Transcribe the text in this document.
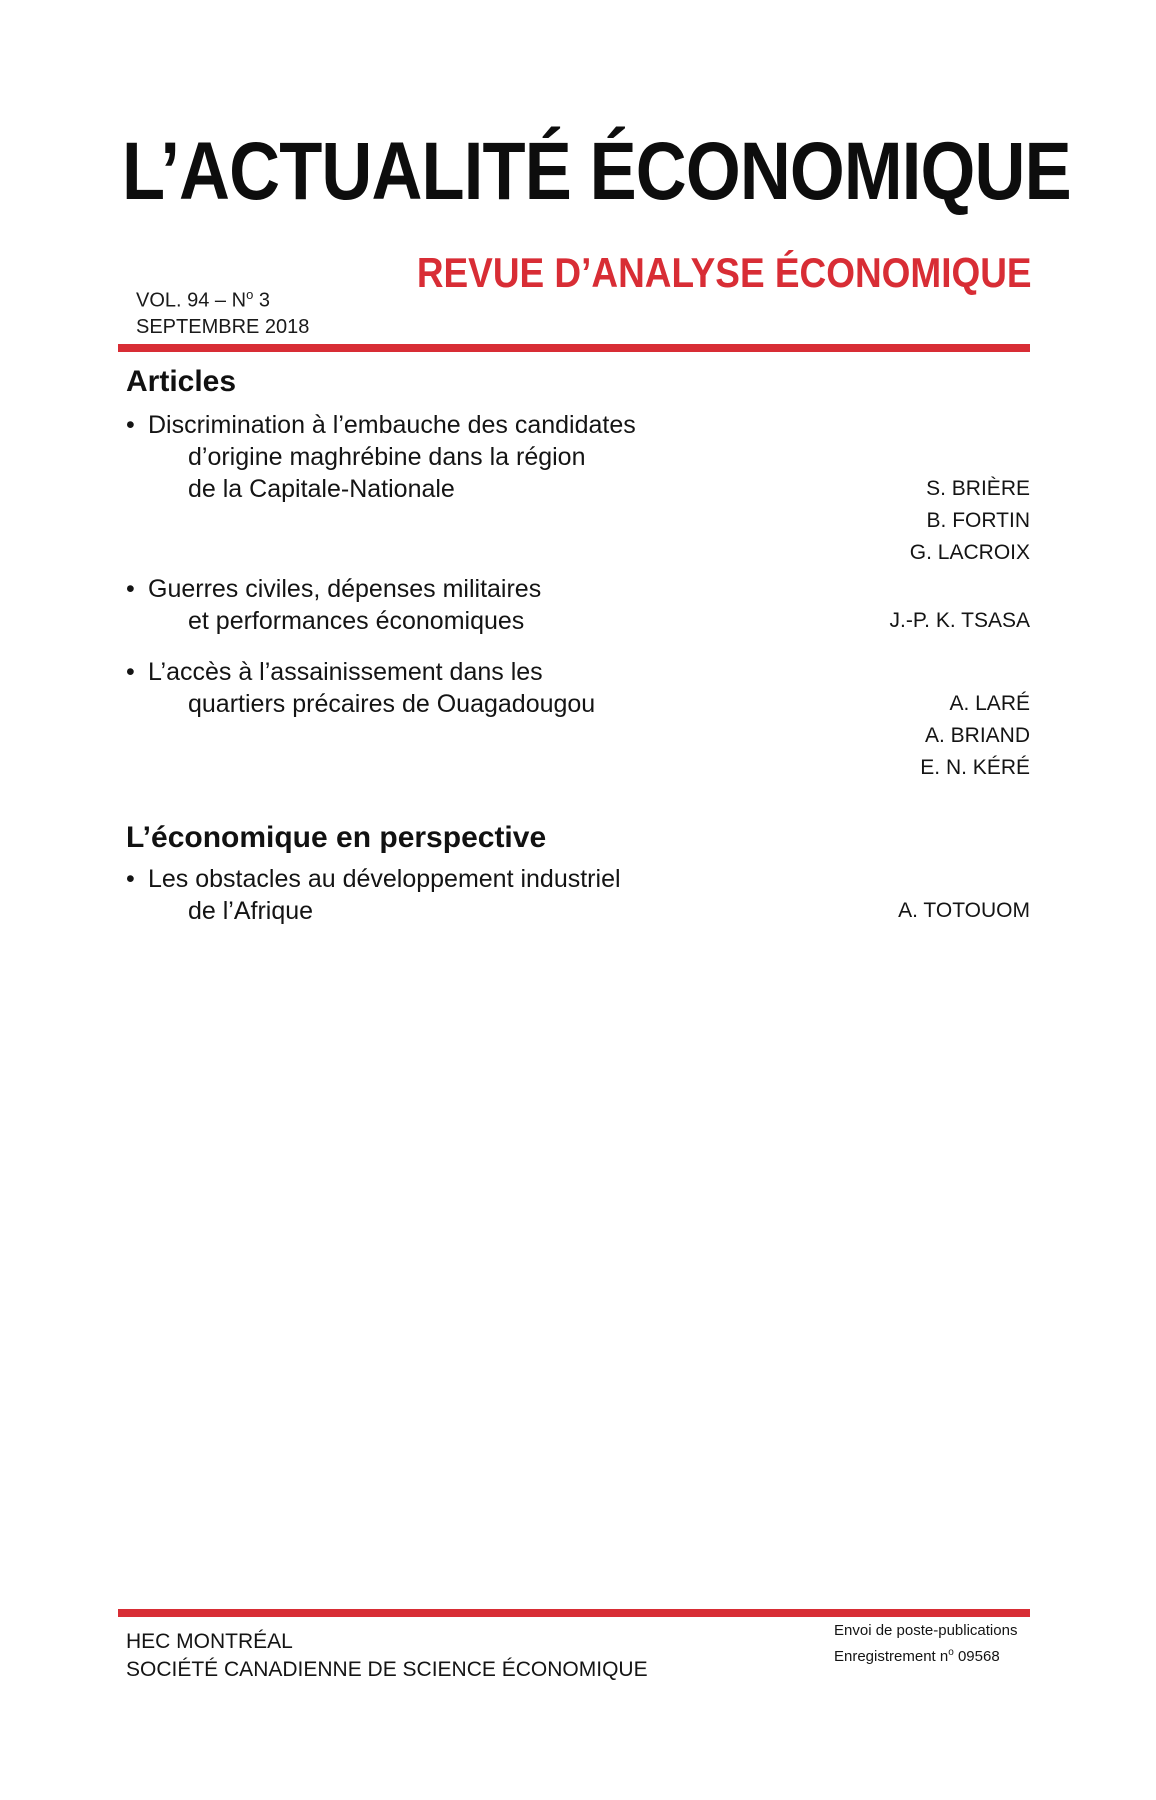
L’ACTUALITÉ ÉCONOMIQUE
REVUE D’ANALYSE ÉCONOMIQUE
VOL. $94 - N^o$ 3
SEPTEMBRE 2018
Articles
• Discrimination à l’embauche des candidates
d’origine maghrébine dans la région
de la Capitale-Nationale	S. BRIÈRE
B. FORTIN
G. LACROIX
• Guerres civiles, dépenses militaires
et performances économiques	J.-P. K. TSASA
• L’accès à l’assainissement dans les
quartiers précaires de Ouagadougou	A. LARÉ
A. BRIAND
E. N. KÉRÉ
L’économique en perspective
• Les obstacles au développement industriel
de l’Afrique	A. TOTOUOM
HEC MONTRÉAL
SOCIÉTÉ CANADIENNE DE SCIENCE ÉCONOMIQUE
Envoi de poste-publications
Enregistrement $n^o$ 09568
